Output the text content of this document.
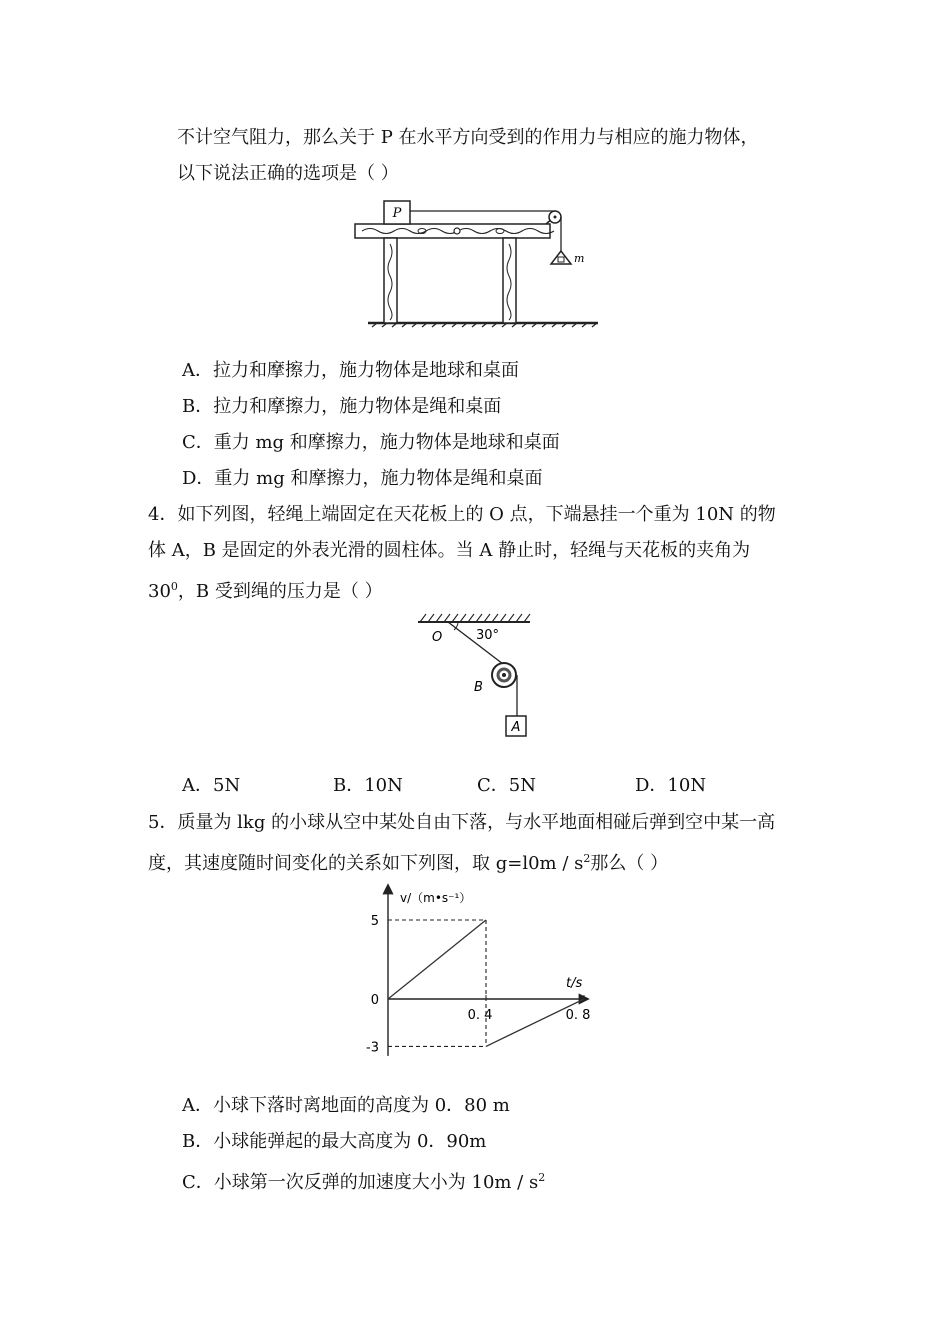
不计空气阻力，那么关于 P 在水平方向受到的作用力与相应的施力物体，
以下说法正确的选项是（ ）
P
m
A．拉力和摩擦力，施力物体是地球和桌面
B．拉力和摩擦力，施力物体是绳和桌面
C．重力 mg 和摩擦力，施力物体是地球和桌面
D．重力 mg 和摩擦力，施力物体是绳和桌面
4．如下列图，轻绳上端固定在天花板上的 O 点，下端悬挂一个重为 10N 的物
体 A，B 是固定的外表光滑的圆柱体。当 A 静止时，轻绳与天花板的夹角为
$30^0$，B 受到绳的压力是（ ）
O	30°
B
A
A．5N	B．10N	C．5N	D．10N
5．质量为 lkg 的小球从空中某处自由下落，与水平地面相碰后弹到空中某一高
度，其速度随时间变化的关系如下列图，取 $g=l0m / s^2$那么（ ）
v/（m•s⁻¹）
t/s
5
0
-3
0. 4	0. 8
A．小球下落时离地面的高度为 0．80 m
B．小球能弹起的最大高度为 0．90m
C．小球第一次反弹的加速度大小为 $10m / s^2$
